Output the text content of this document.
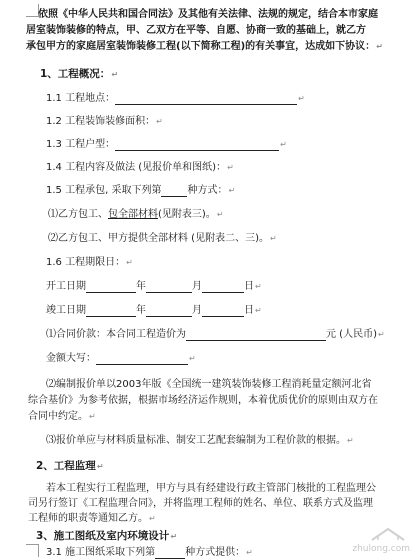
依照《中华人民共和国合同法》及其他有关法律、法规的规定，结合本市家庭
居室装饰装修的特点，甲、乙双方在平等、自愿、协商一致的基础上，就乙方
承包甲方的家庭居室装饰装修工程(以下简称工程)的有关事宜，达成如下协议：↵
1、工程概况：↵
1.1 工程地点：	↵
1.2 工程装饰装修面积：↵
1.3 工程户型：	↵
1.4 工程内容及做法 (见报价单和图纸)：↵
1.5 工程承包, 采取下列第	种方式：↵
⑴乙方包工、包全部材料(见附表三)。↵
⑵乙方包工、甲方提供全部材料 (见附表二、三)。↵
1.6 工程期限日：↵
开工日期	年	月	日↵
竣工日期	年	月	日↵
⑴合同价款：本合同工程造价为	元 (人民币)↵
金额大写：	↵
⑵编制报价单以2003年版《全国统一建筑装饰装修工程消耗量定额河北省
综合基价》为参考依据，根据市场经济运作规则，本着优质优价的原则由双方在
合同中约定。↵
⑶报价单应与材料质量标准、制安工艺配套编制为工程价款的根据。↵
2、工程监理↵
若本工程实行工程监理，甲方与具有经建设行政主管部门核批的工程监理公
司另行签订《工程监理合同》，并将监理工程师的姓名、单位、联系方式及监理
工程师的职责等通知乙方。↵
3、施工图纸及室内环境设计↵
3.1 施工图纸采取下列第	种方式提供：↵	zhulong.com
